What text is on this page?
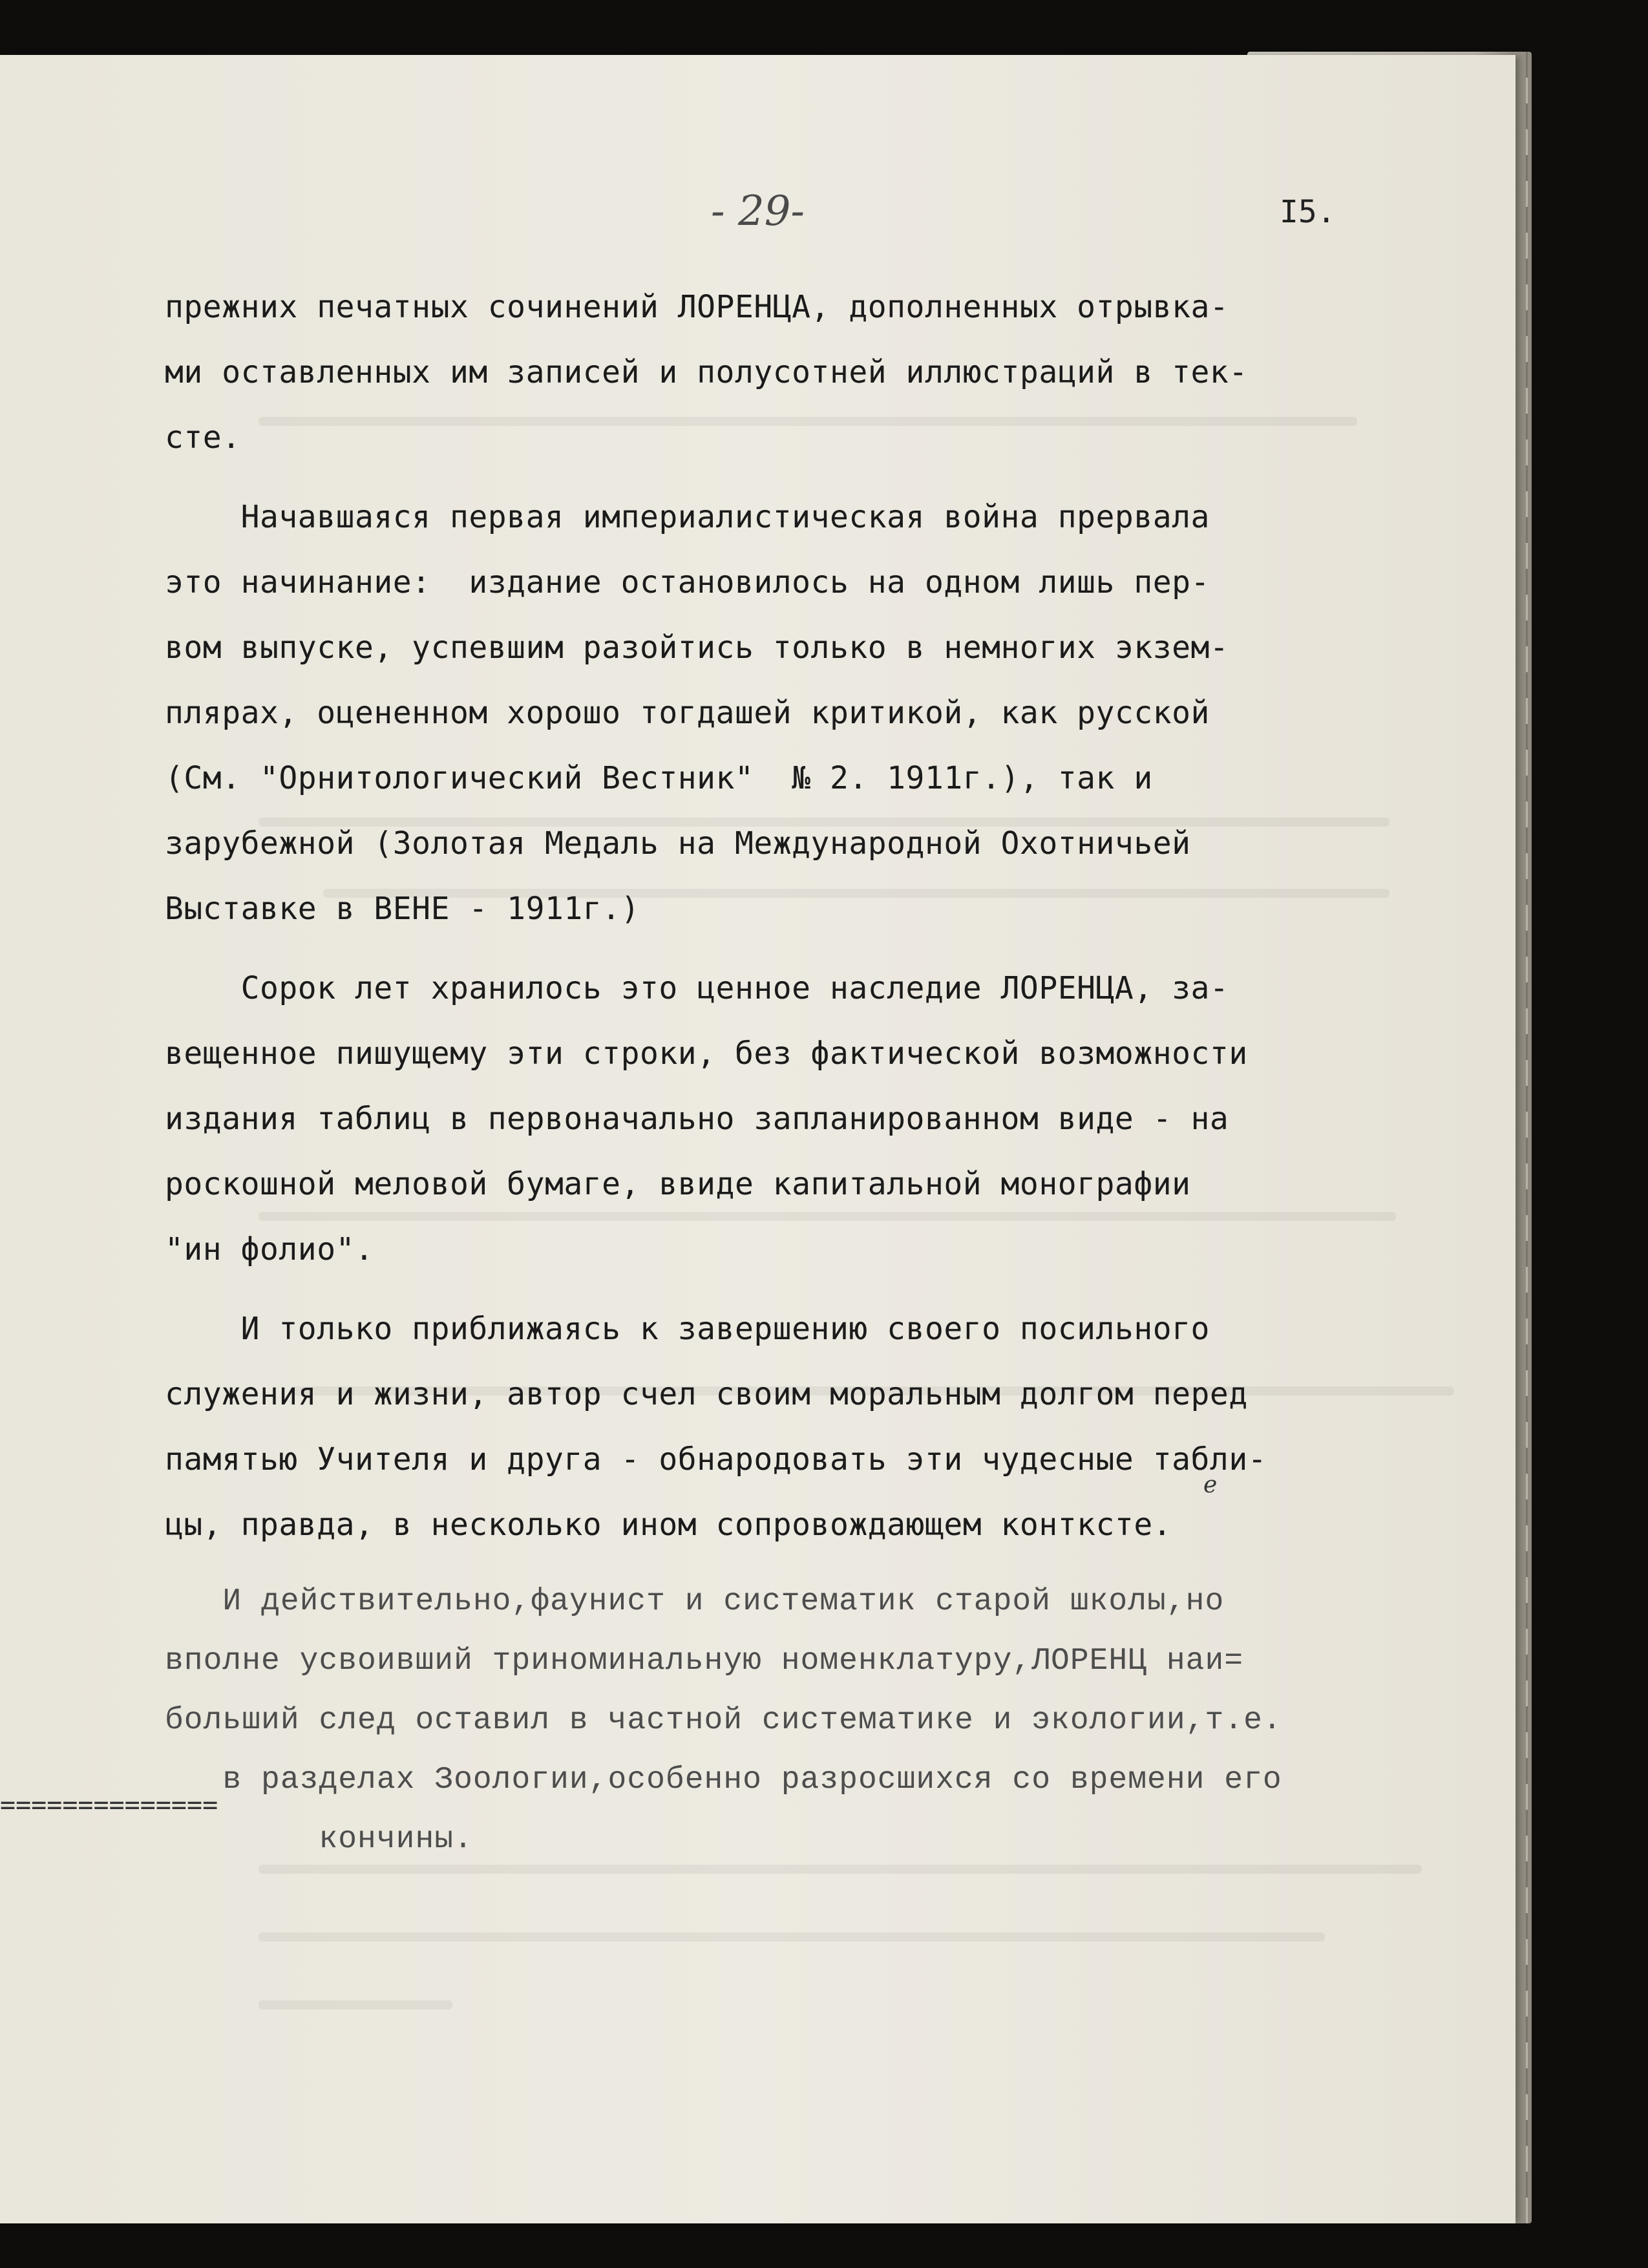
- 29-	I5.
прежних печатных сочинений ЛОРЕНЦА, дополненных отрывка-
ми оставленных им записей и полусотней иллюстраций в тек-
сте.
Начавшаяся первая империалистическая война прервала
это начинание:  издание остановилось на одном лишь пер-
вом выпуске, успевшим разойтись только в немногих экзем-
плярах, оцененном хорошо тогдашей критикой, как русской
(См. "Орнитологический Вестник"  № 2. 1911г.), так и
зарубежной (Золотая Медаль на Международной Охотничьей
Выставке в ВЕНЕ - 1911г.)
Сорок лет хранилось это ценное наследие ЛОРЕНЦА, за-
вещенное пишущему эти строки, без фактической возможности
издания таблиц в первоначально запланированном виде - на
роскошной меловой бумаге, ввиде капитальной монографии
"ин фолио".
И только приближаясь к завершению своего посильного
служения и жизни, автор счел своим моральным долгом перед
памятью Учителя и друга - обнародовать эти чудесные табли-
цы, правда, в несколько ином сопровождающем контксте.
И действительно,фаунист и систематик старой школы,но
вполне усвоивший триноминальную номенклатуру,ЛОРЕНЦ наи=
больший след оставил в частной систематике и экологии,т.е.
в разделах Зоологии,особенно разросшихся со времени его
кончины.
е
==============
